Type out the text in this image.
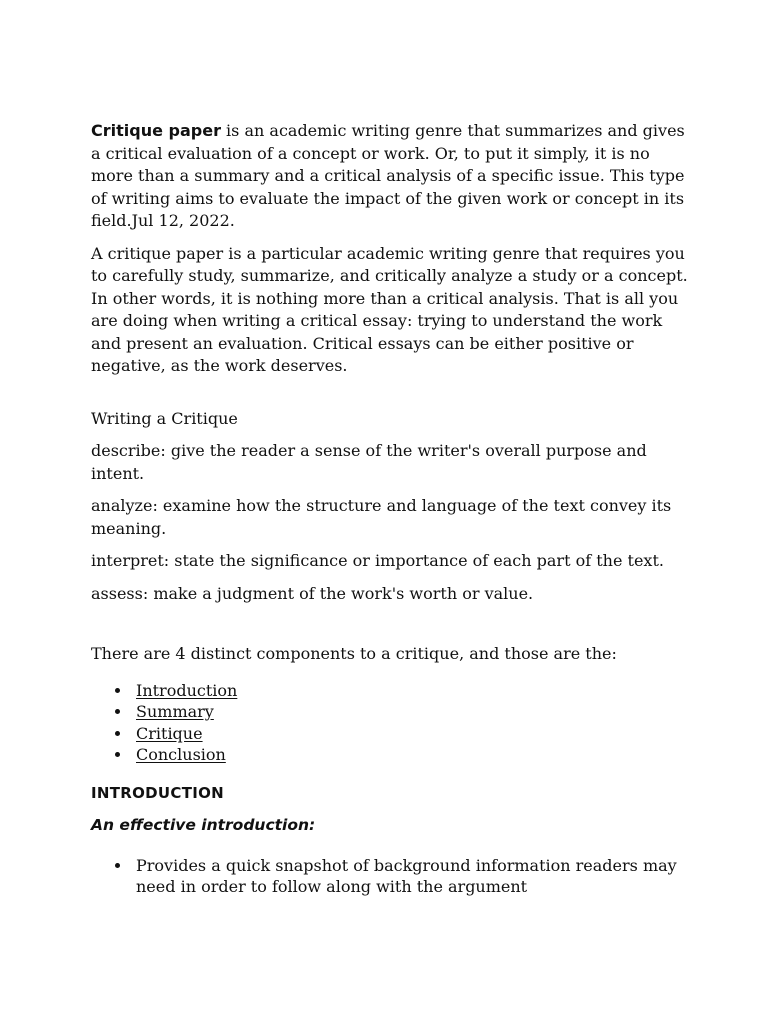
Critique paper is an academic writing genre that summarizes and gives a critical evaluation of a concept or work. Or, to put it simply, it is no more than a summary and a critical analysis of a specific issue. This type of writing aims to evaluate the impact of the given work or concept in its field.Jul 12, 2022.

A critique paper is a particular academic writing genre that requires you to carefully study, summarize, and critically analyze a study or a concept. In other words, it is nothing more than a critical analysis. That is all you are doing when writing a critical essay: trying to understand the work and present an evaluation. Critical essays can be either positive or negative, as the work deserves.

Writing a Critique

describe: give the reader a sense of the writer's overall purpose and intent.

analyze: examine how the structure and language of the text convey its meaning.

interpret: state the significance or importance of each part of the text.

assess: make a judgment of the work's worth or value.

There are 4 distinct components to a critique, and those are the:

Introduction
Summary
Critique
Conclusion

INTRODUCTION

An effective introduction:

Provides a quick snapshot of background information readers may need in order to follow along with the argument
